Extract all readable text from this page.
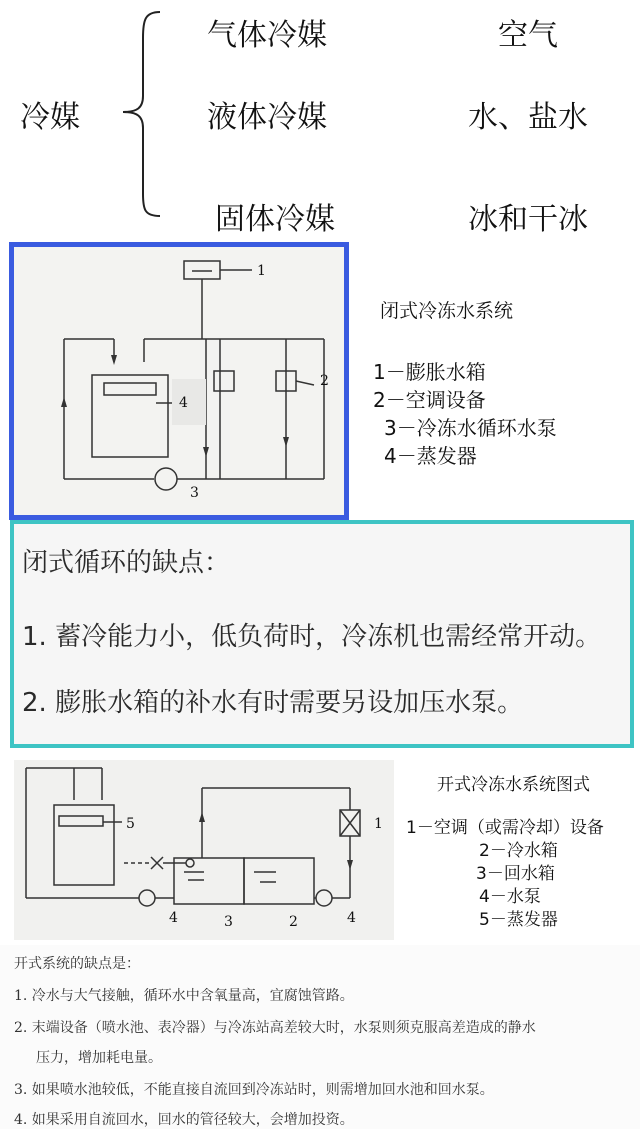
冷媒
气体冷媒	空气
液体冷媒	水、盐水
固体冷媒	冰和干冰
1
2
3
4
闭式冷冻水系统
1－膨胀水箱
2－空调设备
3－冷冻水循环水泵
4－蒸发器
闭式循环的缺点：
1. 蓄冷能力小，低负荷时，冷冻机也需经常开动。
2. 膨胀水箱的补水有时需要另设加压水泵。
5	1
4	3	2	4
开式冷冻水系统图式
1－空调（或需冷却）设备
2－冷水箱
3－回水箱
4－水泵
5－蒸发器
开式系统的缺点是：
1. 冷水与大气接触，循环水中含氧量高，宜腐蚀管路。
2. 末端设备（喷水池、表冷器）与冷冻站高差较大时，水泵则须克服高差造成的静水
压力，增加耗电量。
3. 如果喷水池较低，不能直接自流回到冷冻站时，则需增加回水池和回水泵。
4. 如果采用自流回水，回水的管径较大，会增加投资。
